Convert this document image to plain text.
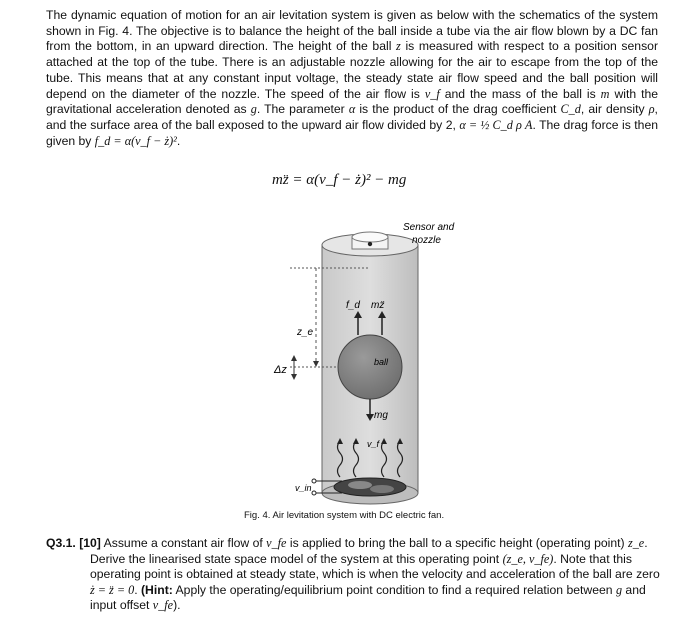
The dynamic equation of motion for an air levitation system is given as below with the schematics of the system shown in Fig. 4. The objective is to balance the height of the ball inside a tube via the air flow blown by a DC fan from the bottom, in an upward direction. The height of the ball z is measured with respect to a position sensor attached at the top of the tube. There is an adjustable nozzle allowing for the air to escape from the top of the tube. This means that at any constant input voltage, the steady state air flow speed and the ball position will depend on the diameter of the nozzle. The speed of the air flow is v_f and the mass of the ball is m with the gravitational acceleration denoted as g. The parameter α is the product of the drag coefficient C_d, air density ρ, and the surface area of the ball exposed to the upward air flow divided by 2, α = ½ C_d ρ A. The drag force is then given by f_d = α(v_f − ż)².
mz̈ = α(v_f − ż)² − mg
Sensor and
nozzle
z_e
Δz
f_d mz̈
ball
mg
v_f
v_in
Fig. 4. Air levitation system with DC electric fan.
Q3.1. [10] Assume a constant air flow of v_fe is applied to bring the ball to a specific height (operating point) z_e. Derive the linearised state space model of the system at this operating point (z_e, v_fe). Note that this operating point is obtained at steady state, which is when the velocity and acceleration of the ball are zero ż = z̈ = 0. (Hint: Apply the operating/equilibrium point condition to find a required relation between g and input offset v_fe).
